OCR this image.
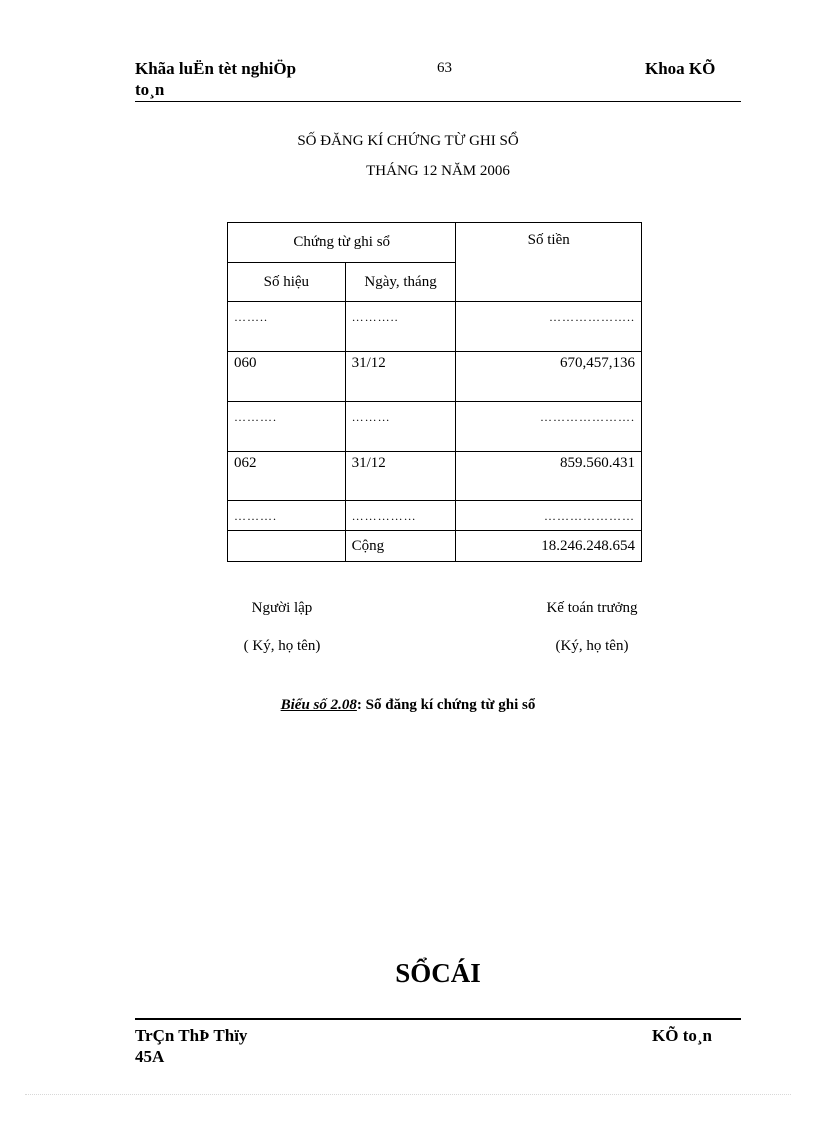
Khãa luËn tèt nghiÖp
to¸n
63	Khoa KÕ
SỐ ĐĂNG KÍ CHỨNG TỪ GHI SỔ
THÁNG 12 NĂM 2006
Chứng từ ghi sổ		Số tiền
Số hiệu	Ngày, tháng	
……..	………..	………………..
060	31/12	670,457,136
……….	………	………………….
062	31/12	859.560.431
……….	……………	…………………
	Cộng	18.246.248.654
Người lập
( Ký, họ tên)
Kế toán trưởng
(Ký, họ tên)
Biểu số 2.08: Sổ đăng kí chứng từ ghi sổ
SỔCÁI
TrÇn ThÞ Thïy
45A
KÕ to¸n
